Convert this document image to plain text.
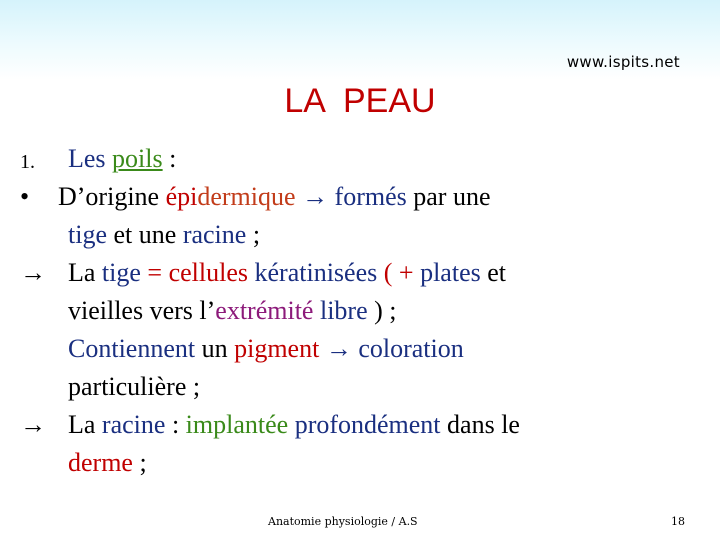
www.ispits.net
LA  PEAU
1. Les poils :
• D’origine épidermique → formés par une
tige et une racine ;
→ La tige = cellules kératinisées ( + plates et
vieilles vers l’extrémité libre ) ;
Contiennent un pigment → coloration
particulière ;
→ La racine : implantée profondément dans le
derme ;
Anatomie physiologie / A.S	18
